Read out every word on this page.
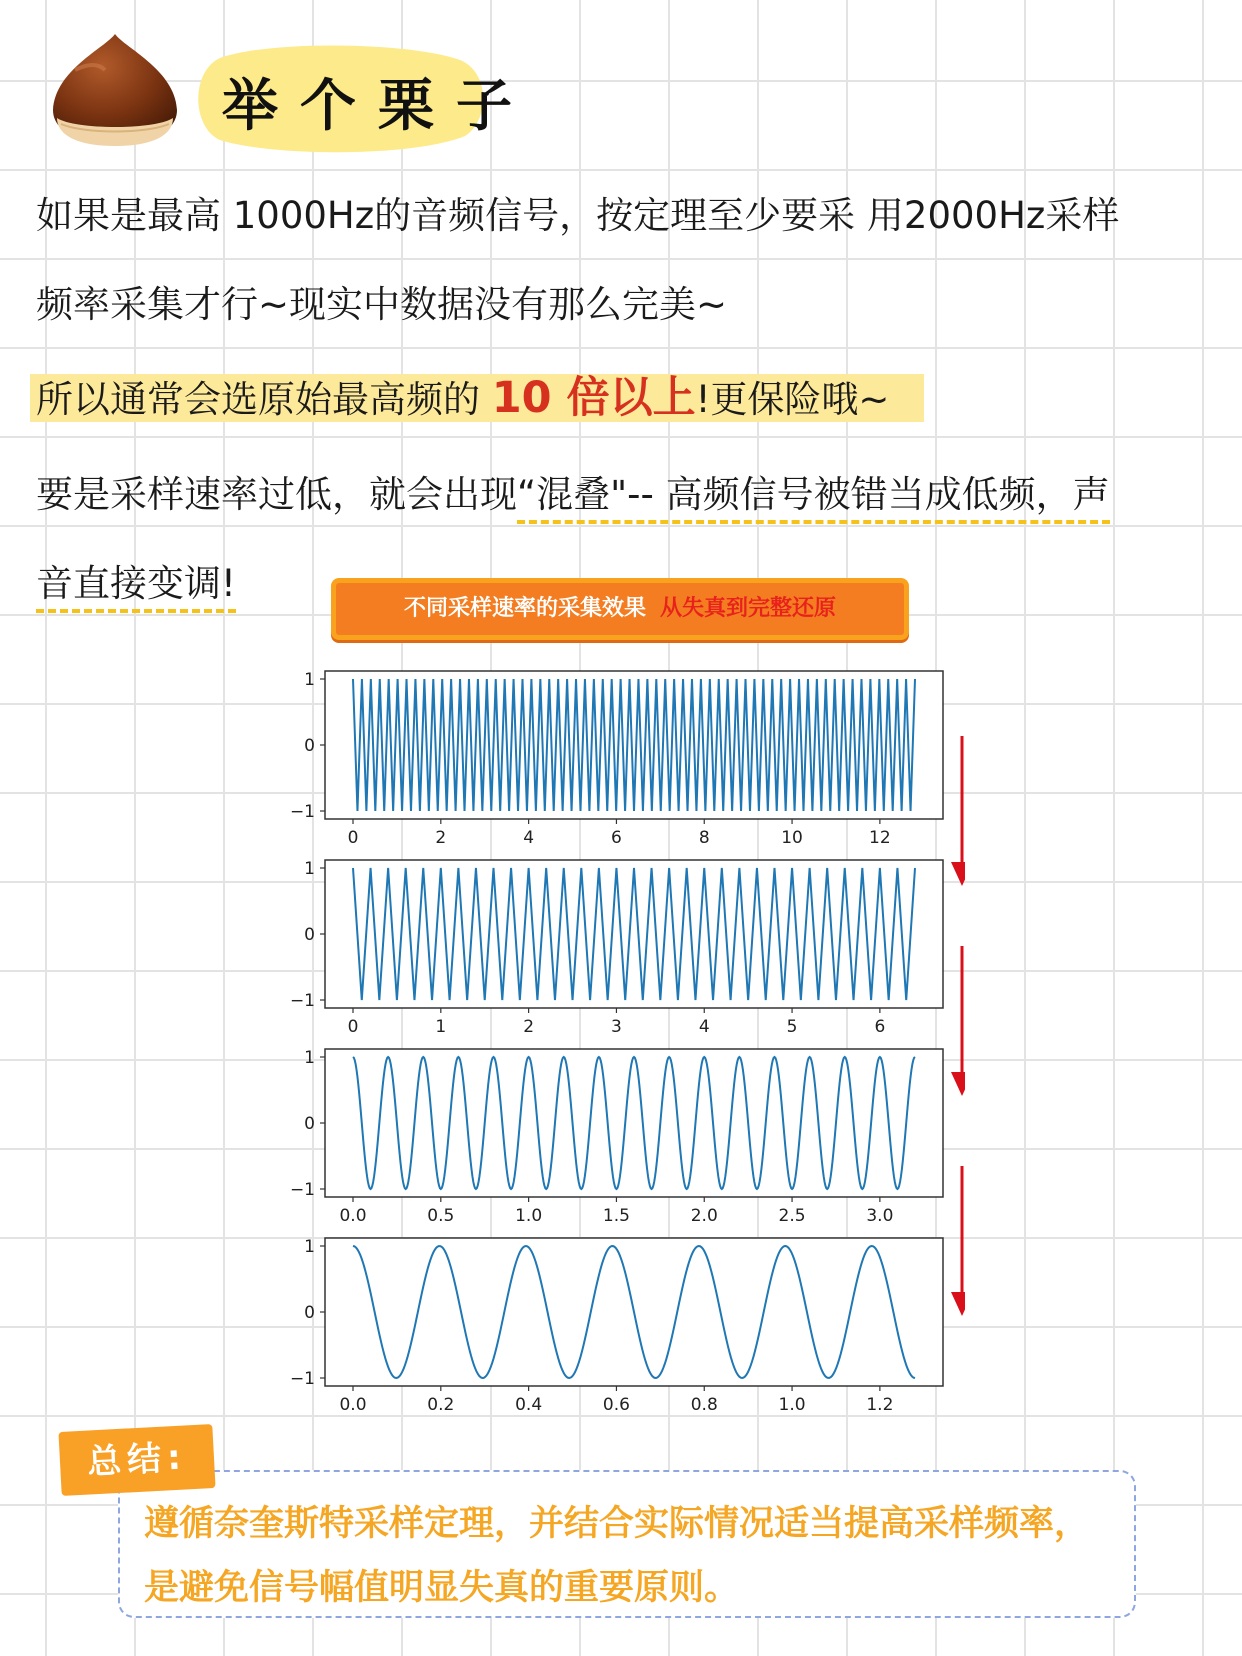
举个栗子
如果是最高 1000Hz的音频信号，按定理至少要采 用2000Hz采样
频率采集才行~现实中数据没有那么完美~
所以通常会选原始最高频的 10 倍以上!更保险哦~
要是采样速率过低，就会出现“混叠"-- 高频信号被错当成低频，声
音直接变调!
不同采样速率的采集效果 从失真到完整还原
1
0
−1
0	2	4	6	8	10	12
1
0
−1
0	1	2	3	4	5	6
1
0
−1
0.0	0.5	1.0	1.5	2.0	2.5	3.0
1
0
−1
0.0	0.2	0.4	0.6	0.8	1.0	1.2
总结:
遵循奈奎斯特采样定理，并结合实际情况适当提高采样频率，
是避免信号幅值明显失真的重要原则。
